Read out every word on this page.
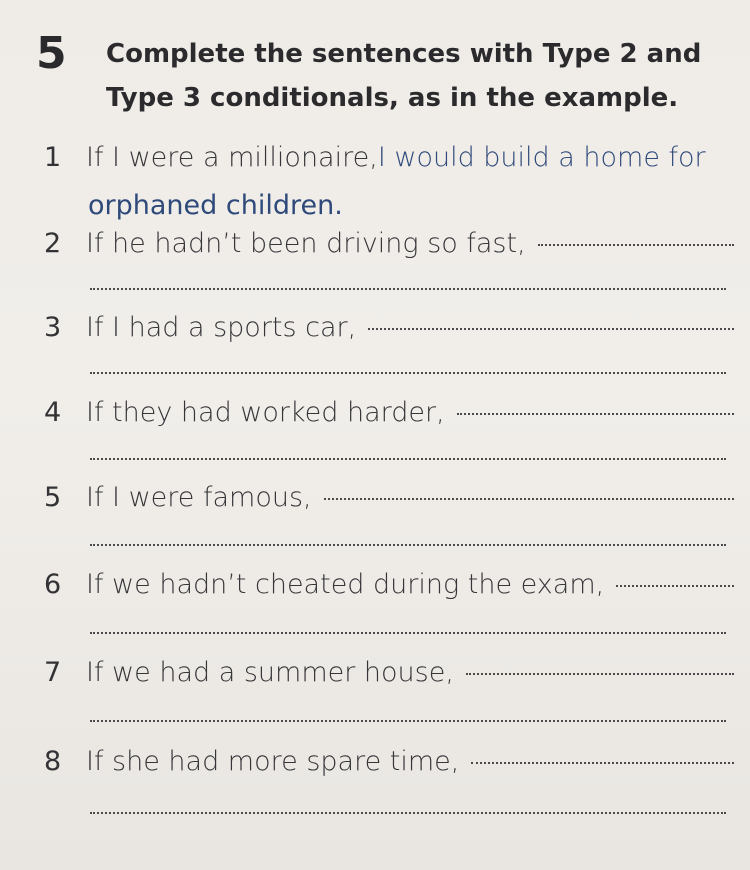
5 Complete the sentences with Type 2 and
Type 3 conditionals, as in the example.
1 If I were a millionaire, I would build a home for
orphaned children.
2 If he hadn’t been driving so fast,
3 If I had a sports car,
4 If they had worked harder,
5 If I were famous,
6 If we hadn’t cheated during the exam,
7 If we had a summer house,
8 If she had more spare time,
